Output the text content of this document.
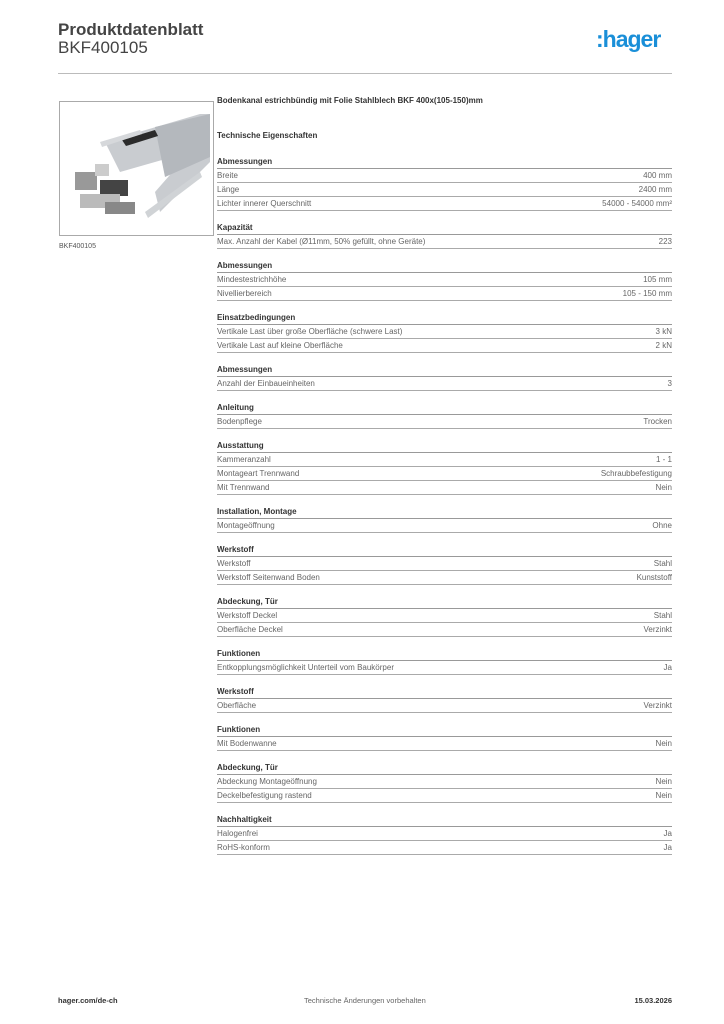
Produktdatenblatt
BKF400105	:hager
BKF400105
Bodenkanal estrichbündig mit Folie Stahlblech BKF 400x(105-150)mm
Technische Eigenschaften
Abmessungen
Breite	400 mm
Länge	2400 mm
Lichter innerer Querschnitt	54000 - 54000 mm²
Kapazität
Max. Anzahl der Kabel (Ø11mm, 50% gefüllt, ohne Geräte)	223
Abmessungen
Mindestestrichhöhe	105 mm
Nivellierbereich	105 - 150 mm
Einsatzbedingungen
Vertikale Last über große Oberfläche (schwere Last)	3 kN
Vertikale Last auf kleine Oberfläche	2 kN
Abmessungen
Anzahl der Einbaueinheiten	3
Anleitung
Bodenpflege	Trocken
Ausstattung
Kammeranzahl	1 - 1
Montageart Trennwand	Schraubbefestigung
Mit Trennwand	Nein
Installation, Montage
Montageöffnung	Ohne
Werkstoff
Werkstoff	Stahl
Werkstoff Seitenwand Boden	Kunststoff
Abdeckung, Tür
Werkstoff Deckel	Stahl
Oberfläche Deckel	Verzinkt
Funktionen
Entkopplungsmöglichkeit Unterteil vom Baukörper	Ja
Werkstoff
Oberfläche	Verzinkt
Funktionen
Mit Bodenwanne	Nein
Abdeckung, Tür
Abdeckung Montageöffnung	Nein
Deckelbefestigung rastend	Nein
Nachhaltigkeit
Halogenfrei	Ja
RoHS-konform	Ja
hager.com/de-ch	Technische Änderungen vorbehalten	15.03.2026
